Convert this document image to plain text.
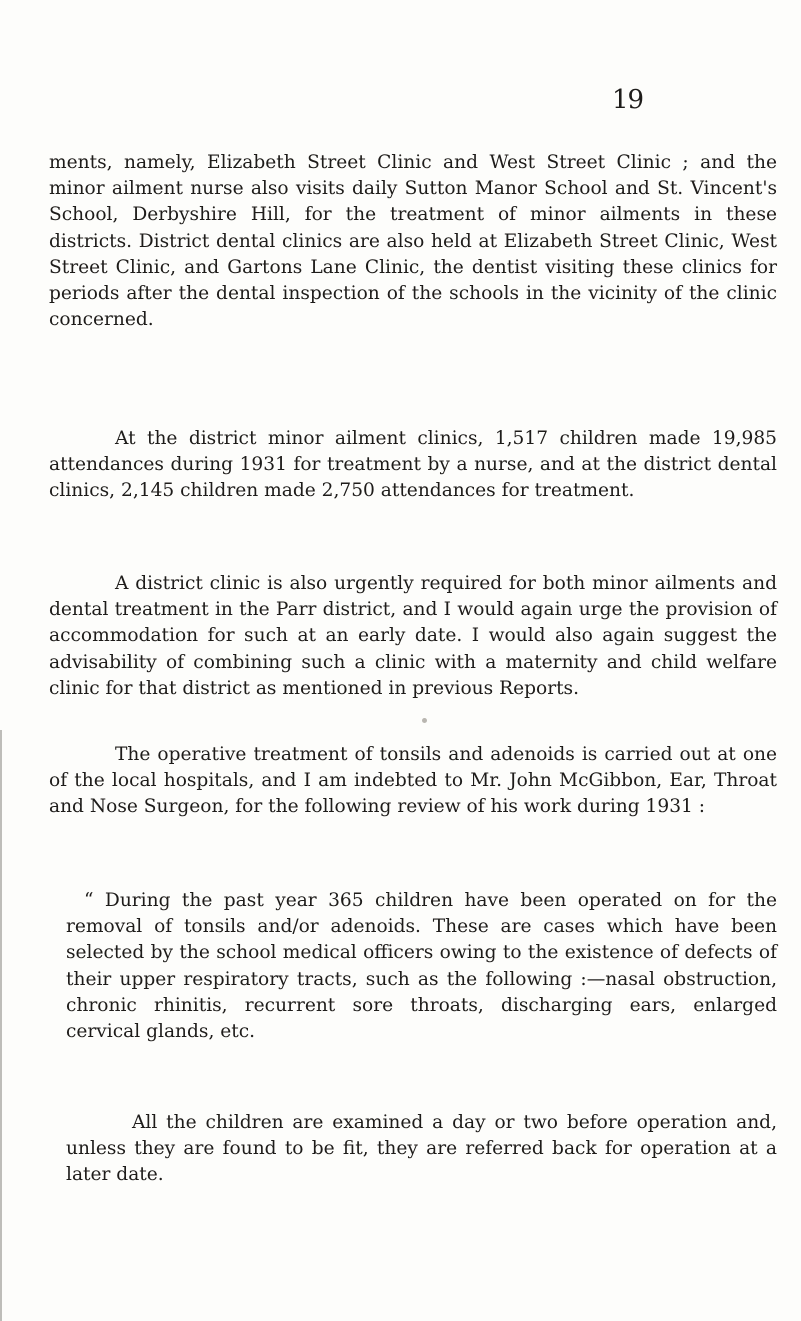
19

ments, namely, Elizabeth Street Clinic and West Street Clinic ; and the minor ailment nurse also visits daily Sutton Manor School and St. Vincent's School, Derbyshire Hill, for the treatment of minor ailments in these districts. District dental clinics are also held at Elizabeth Street Clinic, West Street Clinic, and Gartons Lane Clinic, the dentist visiting these clinics for periods after the dental inspection of the schools in the vicinity of the clinic concerned.

At the district minor ailment clinics, 1,517 children made 19,985 attendances during 1931 for treatment by a nurse, and at the district dental clinics, 2,145 children made 2,750 attendances for treatment.

A district clinic is also urgently required for both minor ailments and dental treatment in the Parr district, and I would again urge the provision of accommodation for such at an early date. I would also again suggest the advisability of combining such a clinic with a maternity and child welfare clinic for that district as mentioned in previous Reports.

The operative treatment of tonsils and adenoids is carried out at one of the local hospitals, and I am indebted to Mr. John McGibbon, Ear, Throat and Nose Surgeon, for the following review of his work during 1931 :

“ During the past year 365 children have been operated on for the removal of tonsils and/or adenoids. These are cases which have been selected by the school medical officers owing to the existence of defects of their upper respiratory tracts, such as the following :—nasal obstruction, chronic rhinitis, recurrent sore throats, discharging ears, enlarged cervical glands, etc.

All the children are examined a day or two before operation and, unless they are found to be fit, they are referred back for operation at a later date.
